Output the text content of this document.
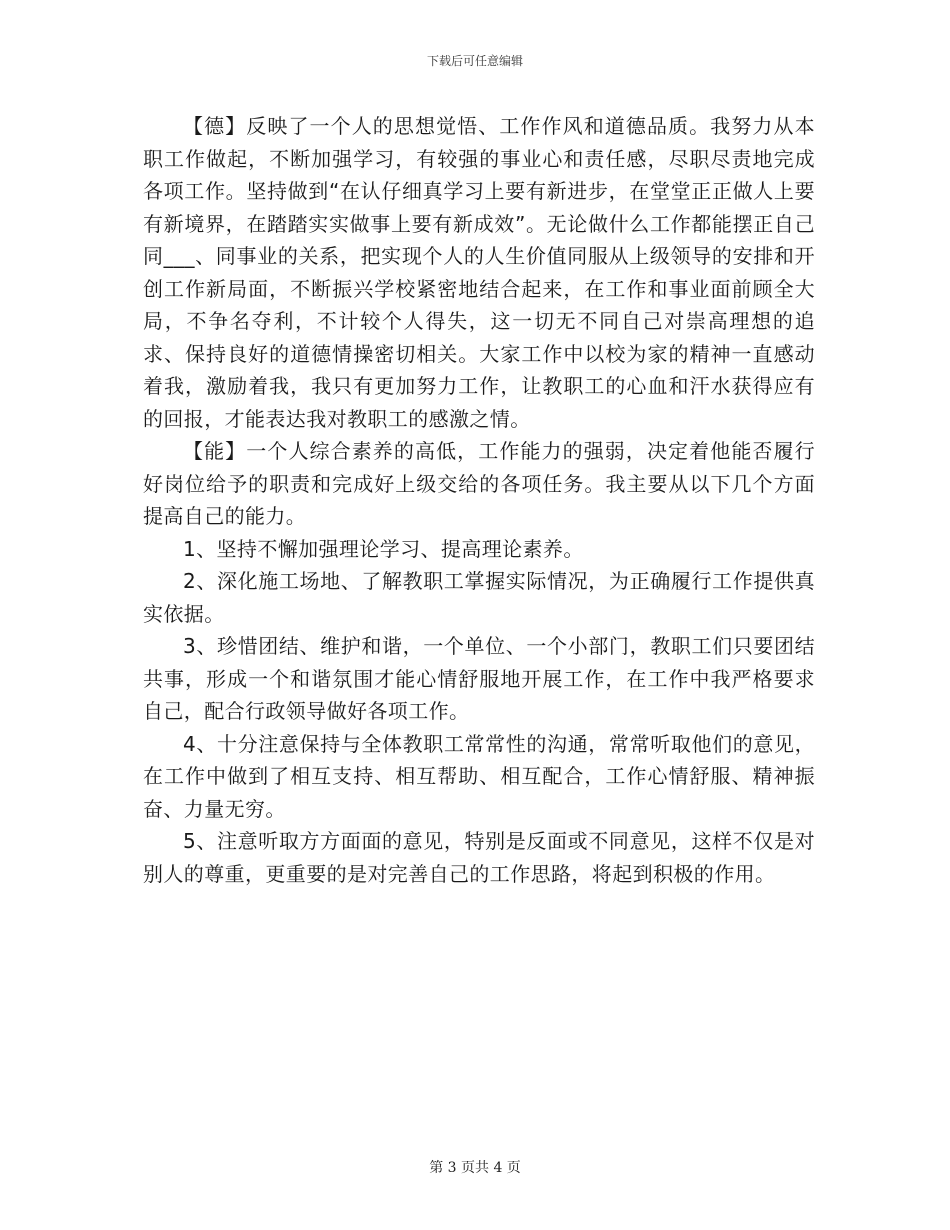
下载后可任意编辑

【德】反映了一个人的思想觉悟、工作作风和道德品质。我努力从本职工作做起，不断加强学习，有较强的事业心和责任感，尽职尽责地完成各项工作。坚持做到“在认仔细真学习上要有新进步，在堂堂正正做人上要有新境界，在踏踏实实做事上要有新成效”。无论做什么工作都能摆正自己同___、同事业的关系，把实现个人的人生价值同服从上级领导的安排和开创工作新局面，不断振兴学校紧密地结合起来，在工作和事业面前顾全大局，不争名夺利，不计较个人得失，这一切无不同自己对崇高理想的追求、保持良好的道德情操密切相关。大家工作中以校为家的精神一直感动着我，激励着我，我只有更加努力工作，让教职工的心血和汗水获得应有的回报，才能表达我对教职工的感激之情。

【能】一个人综合素养的高低，工作能力的强弱，决定着他能否履行好岗位给予的职责和完成好上级交给的各项任务。我主要从以下几个方面提高自己的能力。

1、坚持不懈加强理论学习、提高理论素养。

2、深化施工场地、了解教职工掌握实际情况，为正确履行工作提供真实依据。

3、珍惜团结、维护和谐，一个单位、一个小部门，教职工们只要团结共事，形成一个和谐氛围才能心情舒服地开展工作，在工作中我严格要求自己，配合行政领导做好各项工作。

4、十分注意保持与全体教职工常常性的沟通，常常听取他们的意见，在工作中做到了相互支持、相互帮助、相互配合，工作心情舒服、精神振奋、力量无穷。

5、注意听取方方面面的意见，特别是反面或不同意见，这样不仅是对别人的尊重，更重要的是对完善自己的工作思路，将起到积极的作用。

第 3 页共 4 页
